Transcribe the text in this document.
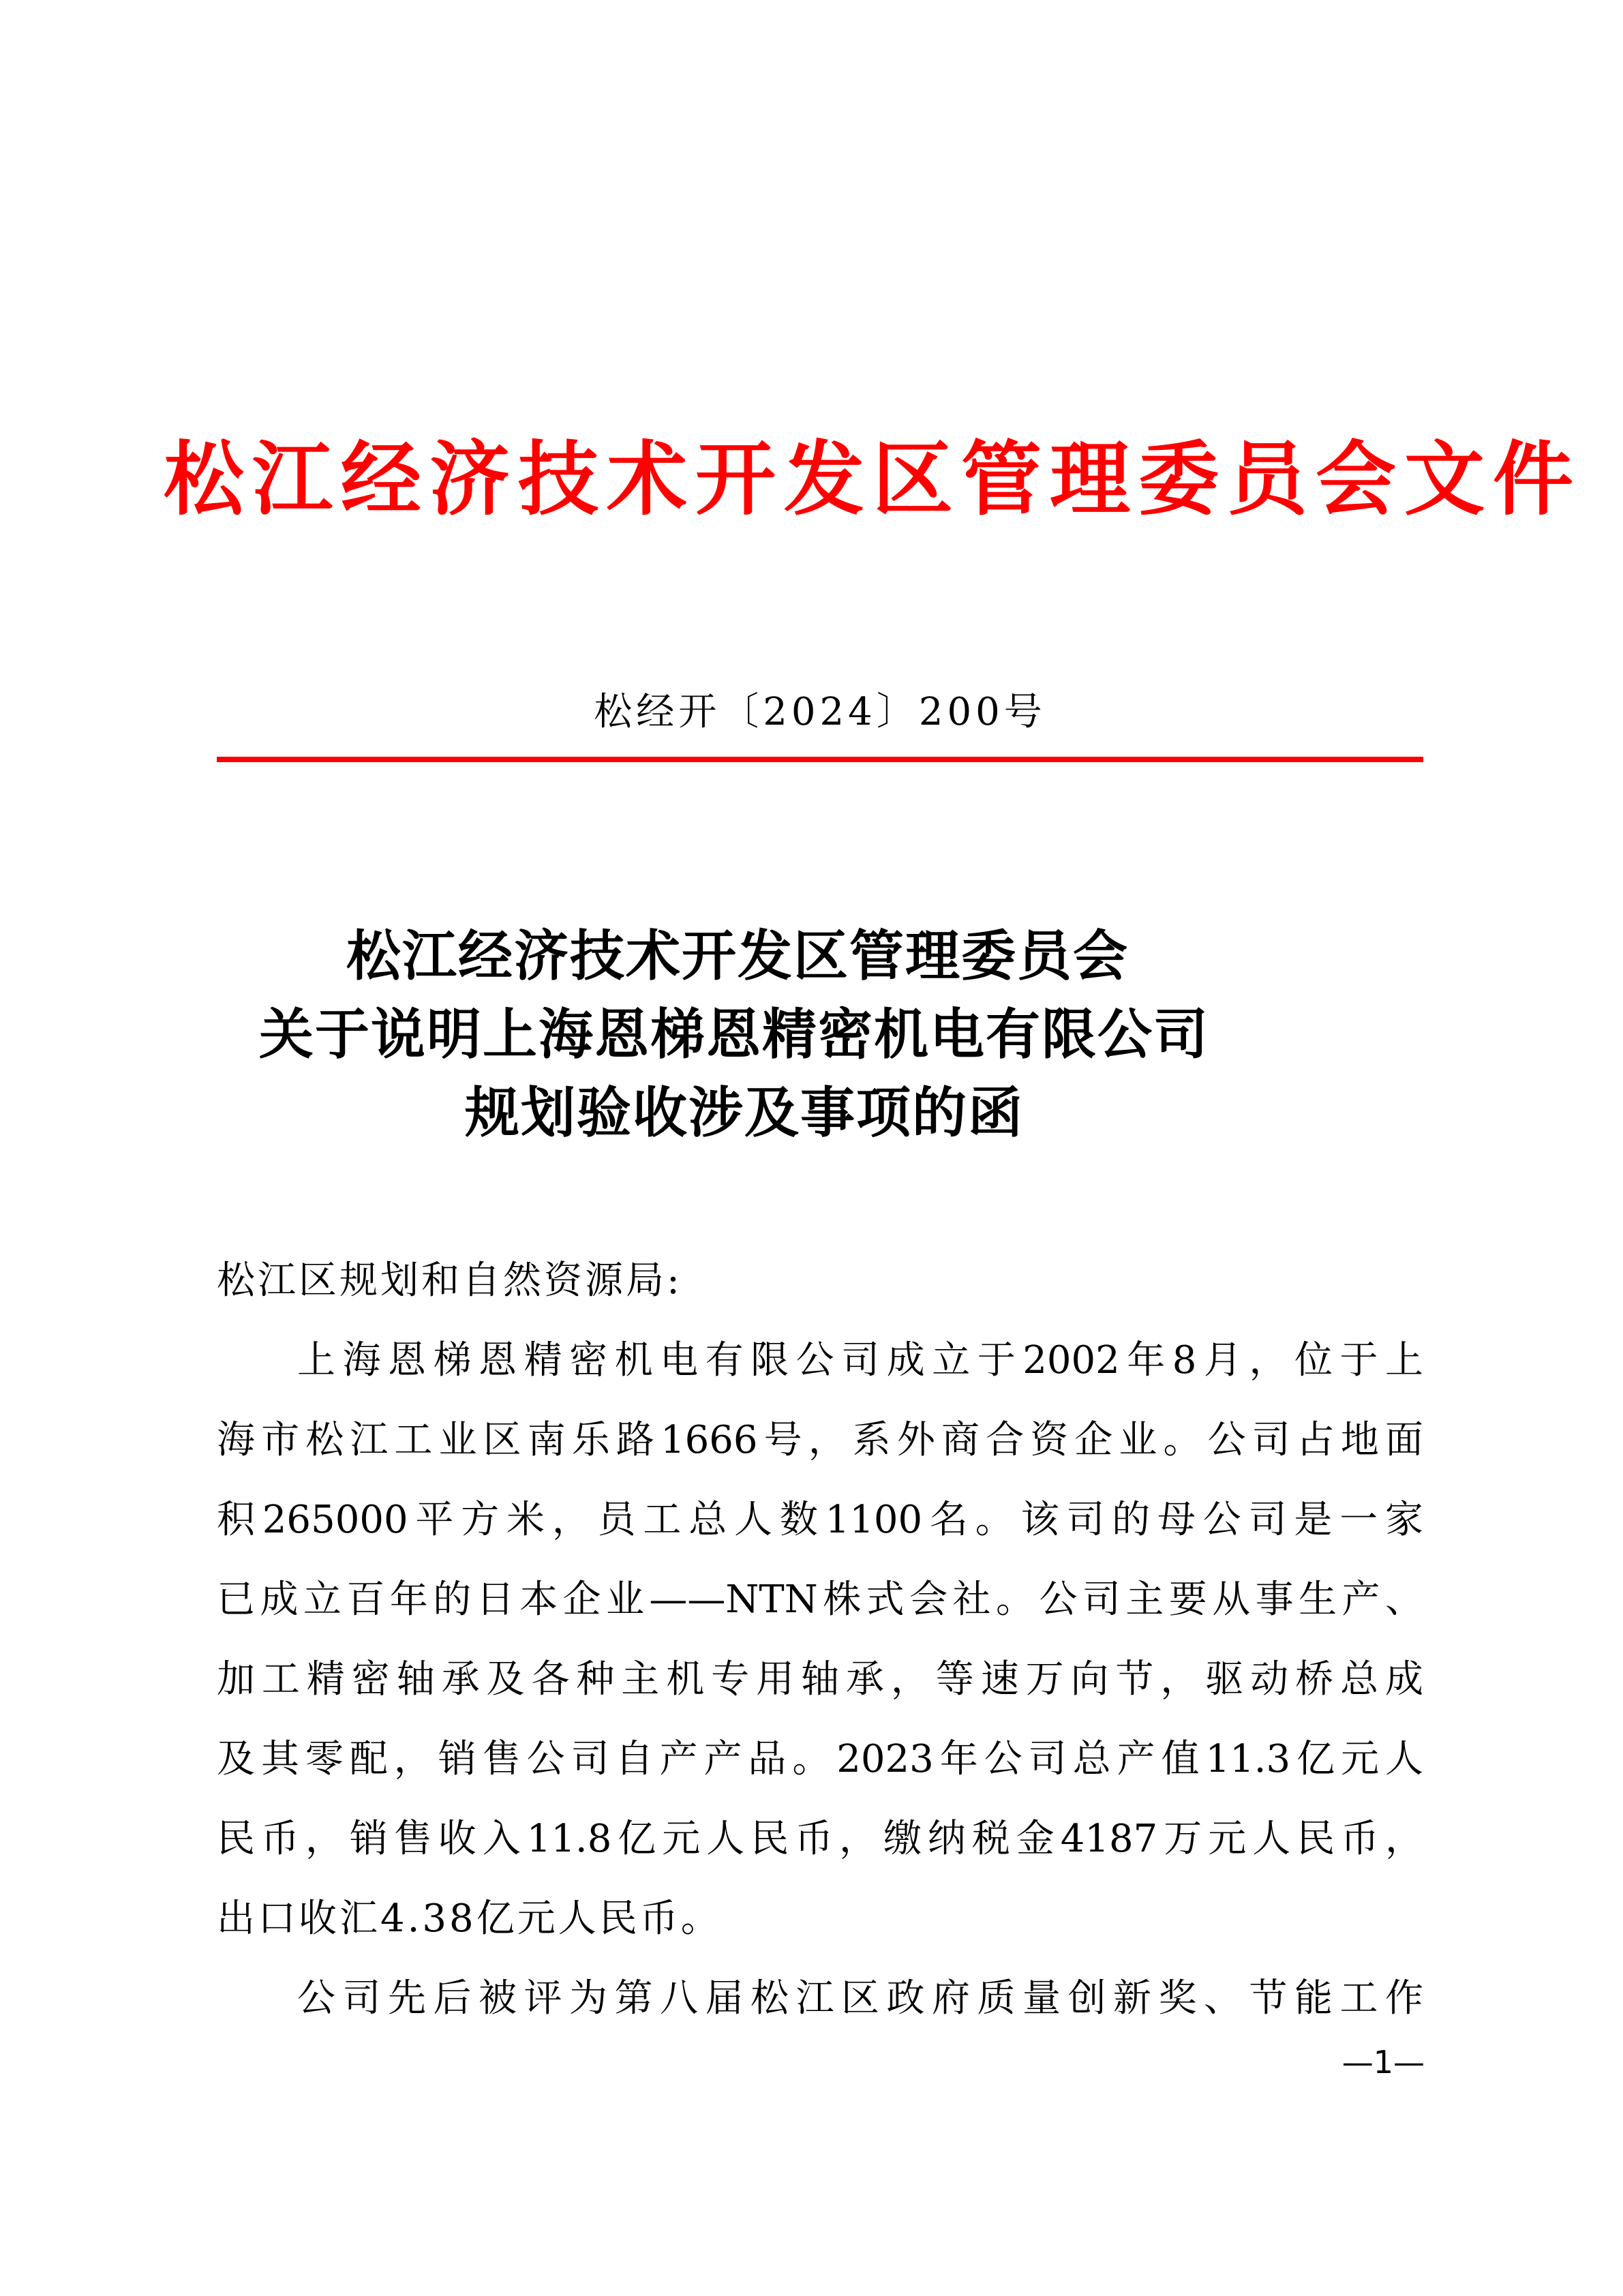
松江经济技术开发区管理委员会文件
松经开〔2024〕200号
松江经济技术开发区管理委员会
关于说明上海恩梯恩精密机电有限公司
规划验收涉及事项的函
松江区规划和自然资源局:
上海恩梯恩精密机电有限公司成立于2002年8月，位于上
海市松江工业区南乐路1666号，系外商合资企业。公司占地面
积265000平方米，员工总人数1100名。该司的母公司是一家
已成立百年的日本企业——NTN株式会社。公司主要从事生产、
加工精密轴承及各种主机专用轴承，等速万向节，驱动桥总成
及其零配，销售公司自产产品。2023年公司总产值11.3亿元人
民币，销售收入11.8亿元人民币，缴纳税金4187万元人民币，
出口收汇4.38亿元人民币。
公司先后被评为第八届松江区政府质量创新奖、节能工作
—1—
